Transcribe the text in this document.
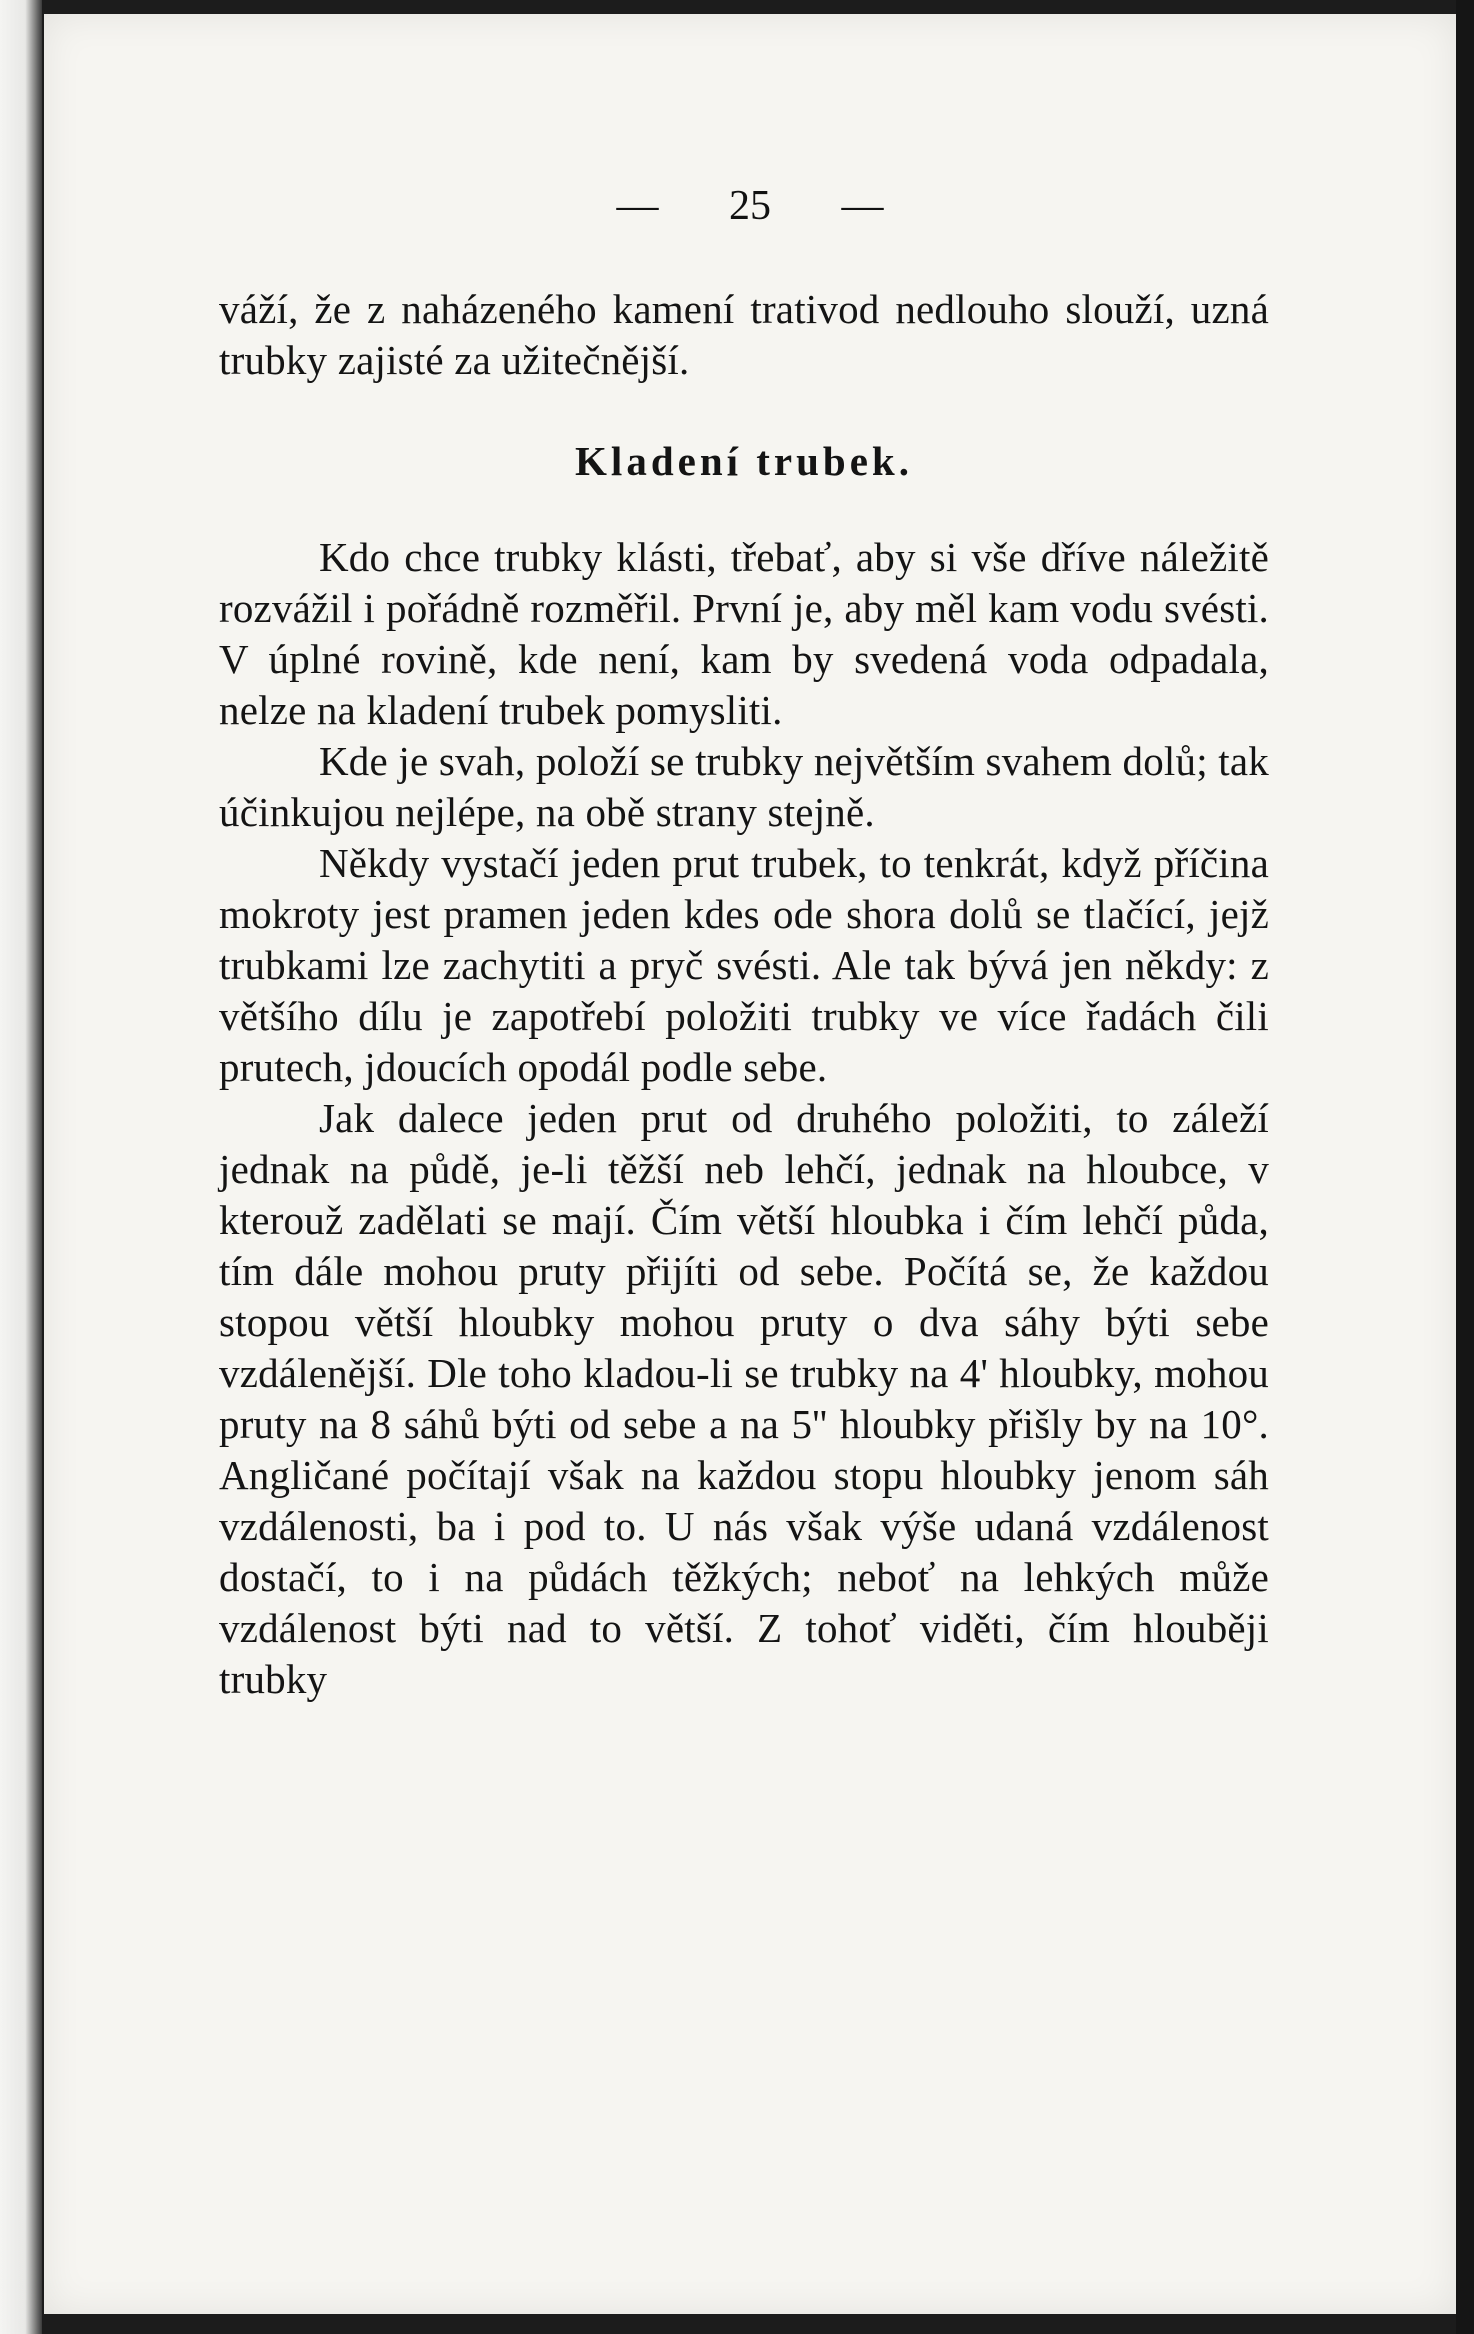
— 25 —

váží, že z naházeného kamení trativod nedlouho slouží, uzná trubky zajisté za užitečnější.

Kladení trubek.

Kdo chce trubky klásti, třebať, aby si vše dříve náležitě rozvážil i pořádně rozměřil. První je, aby měl kam vodu svésti. V úplné rovině, kde není, kam by svedená voda odpadala, nelze na kladení trubek pomysliti.

Kde je svah, položí se trubky největším svahem dolů; tak účinkujou nejlépe, na obě strany stejně.

Někdy vystačí jeden prut trubek, to tenkrát, když příčina mokroty jest pramen jeden kdes ode shora dolů se tlačící, jejž trubkami lze zachytiti a pryč svésti. Ale tak bývá jen někdy: z většího dílu je zapotřebí položiti trubky ve více řadách čili prutech, jdoucích opodál podle sebe.

Jak dalece jeden prut od druhého položiti, to záleží jednak na půdě, je-li těžší neb lehčí, jednak na hloubce, v kterouž zadělati se mají. Čím větší hloubka i čím lehčí půda, tím dále mohou pruty přijíti od sebe. Počítá se, že každou stopou větší hloubky mohou pruty o dva sáhy býti sebe vzdálenější. Dle toho kladou-li se trubky na 4' hloubky, mohou pruty na 8 sáhů býti od sebe a na 5'' hloubky přišly by na 10°. Angličané počítají však na každou stopu hloubky jenom sáh vzdálenosti, ba i pod to. U nás však výše udaná vzdálenost dostačí, to i na půdách těžkých; neboť na lehkých může vzdálenost býti nad to větší. Z tohoť viděti, čím hlouběji trubky
